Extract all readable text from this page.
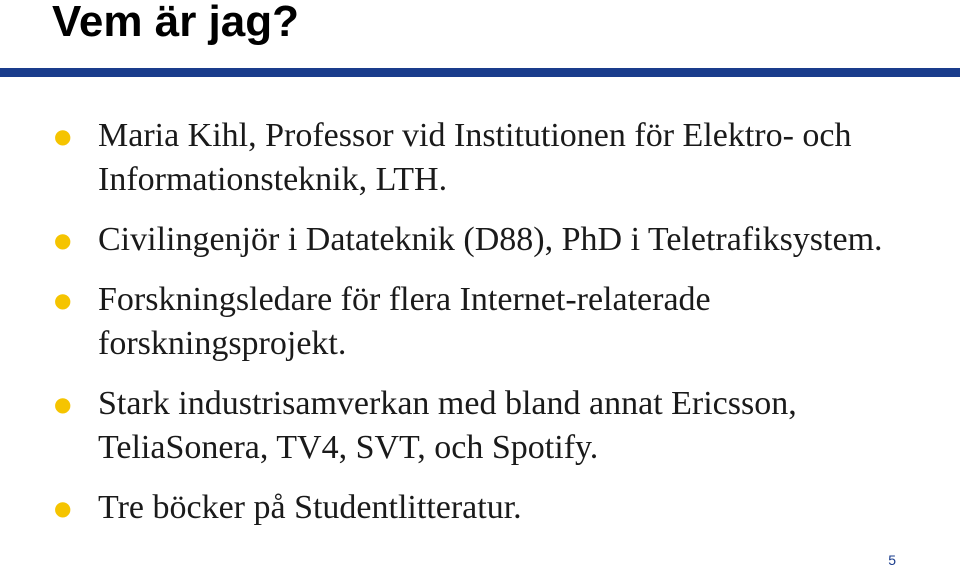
Vem är jag?
● Maria Kihl, Professor vid Institutionen för Elektro- och Informationsteknik, LTH.
● Civilingenjör i Datateknik (D88), PhD i Teletrafiksystem.
● Forskningsledare för flera Internet-relaterade forskningsprojekt.
● Stark industrisamverkan med bland annat Ericsson, TeliaSonera, TV4, SVT, och Spotify.
● Tre böcker på Studentlitteratur.
5
